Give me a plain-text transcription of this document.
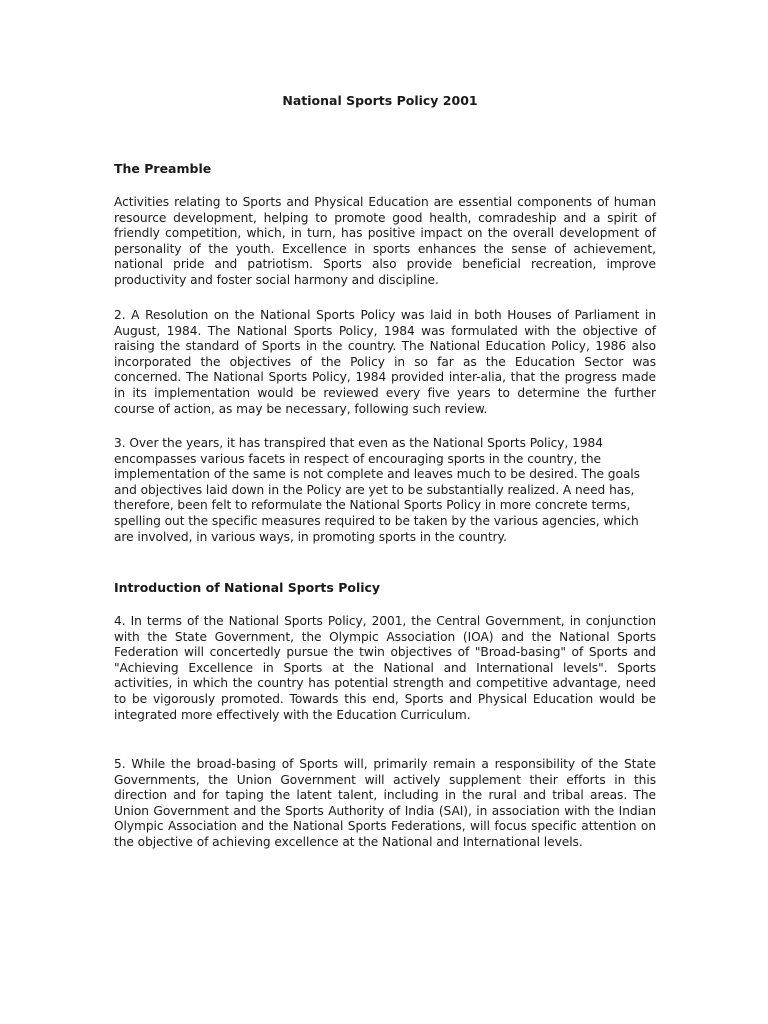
National Sports Policy 2001
The Preamble

Activities relating to Sports and Physical Education are essential components of human resource development, helping to promote good health, comradeship and a spirit of friendly competition, which, in turn, has positive impact on the overall development of personality of the youth. Excellence in sports enhances the sense of achievement, national pride and patriotism. Sports also provide beneficial recreation, improve productivity and foster social harmony and discipline.

2. A Resolution on the National Sports Policy was laid in both Houses of Parliament in August, 1984. The National Sports Policy, 1984 was formulated with the objective of raising the standard of Sports in the country. The National Education Policy, 1986 also incorporated the objectives of the Policy in so far as the Education Sector was concerned. The National Sports Policy, 1984 provided inter-alia, that the progress made in its implementation would be reviewed every five years to determine the further course of action, as may be necessary, following such review.

3. Over the years, it has transpired that even as the National Sports Policy, 1984 encompasses various facets in respect of encouraging sports in the country, the implementation of the same is not complete and leaves much to be desired. The goals and objectives laid down in the Policy are yet to be substantially realized. A need has, therefore, been felt to reformulate the National Sports Policy in more concrete terms, spelling out the specific measures required to be taken by the various agencies, which are involved, in various ways, in promoting sports in the country.

Introduction of National Sports Policy

4. In terms of the National Sports Policy, 2001, the Central Government, in conjunction with the State Government, the Olympic Association (IOA) and the National Sports Federation will concertedly pursue the twin objectives of "Broad-basing" of Sports and "Achieving Excellence in Sports at the National and International levels". Sports activities, in which the country has potential strength and competitive advantage, need to be vigorously promoted. Towards this end, Sports and Physical Education would be integrated more effectively with the Education Curriculum.

5. While the broad-basing of Sports will, primarily remain a responsibility of the State Governments, the Union Government will actively supplement their efforts in this direction and for taping the latent talent, including in the rural and tribal areas. The Union Government and the Sports Authority of India (SAI), in association with the Indian Olympic Association and the National Sports Federations, will focus specific attention on the objective of achieving excellence at the National and International levels.
